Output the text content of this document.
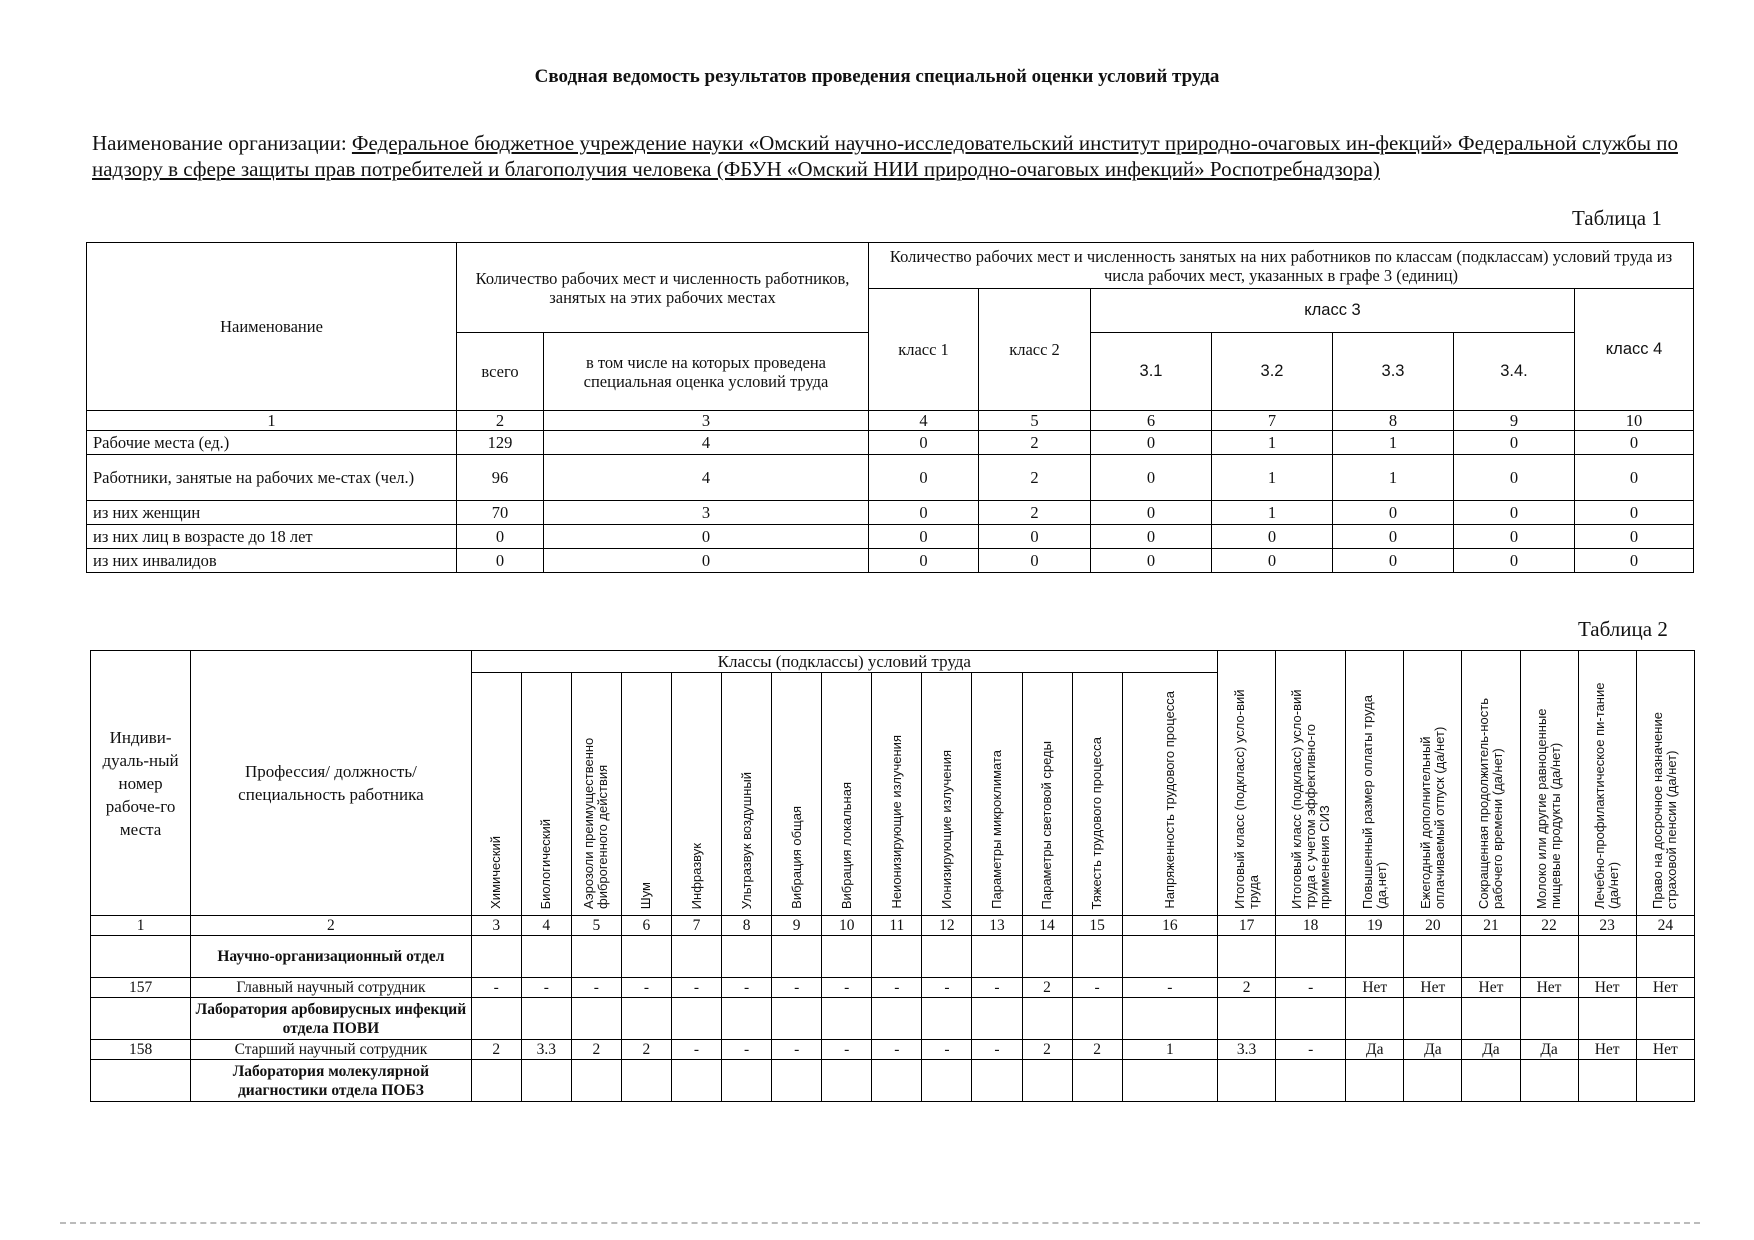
Сводная ведомость результатов проведения специальной оценки условий труда
Наименование организации: Федеральное бюджетное учреждение науки «Омский научно-исследовательский институт природно-очаговых ин-фекций» Федеральной службы по надзору в сфере защиты прав потребителей и благополучия человека (ФБУН «Омский НИИ природно-очаговых инфекций» Роспотребнадзора)
Таблица 1
Наименование	Количество рабочих мест и численность работников, занятых на этих рабочих местах		Количество рабочих мест и численность занятых на них работников по классам (подклассам) условий труда из числа рабочих мест, указанных в графе 3 (единиц)						
			класс 1	класс 2	класс 3				класс 4
	всего	в том числе на которых проведена специальная оценка условий труда			3.1	3.2	3.3	3.4.	
1	2	3	4	5	6	7	8	9	10
Рабочие места (ед.)	129	4	0	2	0	1	1	0	0
Работники, занятые на рабочих ме-стах (чел.)	96	4	0	2	0	1	1	0	0
из них женщин	70	3	0	2	0	1	0	0	0
из них лиц в возрасте до 18 лет	0	0	0	0	0	0	0	0	0
из них инвалидов	0	0	0	0	0	0	0	0	0
Таблица 2
Индиви-дуаль-ный номер рабоче-го места	Профессия/ должность/ специальность работника	Классы (подклассы) условий труда														Итоговый класс (подкласс) усло-вий труда	Итоговый класс (подкласс) усло-вий труда с учетом эффективно-го применения СИЗ	Повышенный размер оплаты труда (да,нет)	Ежегодный дополнительный оплачиваемый отпуск (да/нет)	Сокращенная продолжитель-ность рабочего времени (да/нет)	Молоко или другие равноценные пищевые продукты (да/нет)	Лечебно-профилактическое пи-тание (да/нет)	Право на досрочное назначение страховой пенсии (да/нет)

		Химический	Биологический	Аэрозоли преимущественно фиброгенного действия	Шум	Инфразвук	Ультразвук воздушный	Вибрация общая	Вибрация локальная	Неионизирующие излучения	Ионизирующие излучения	Параметры микроклимата	Параметры световой среды	Тяжесть трудового процесса	Напряженность трудового процесса								

1	2	3	4	5	6	7	8	9	10	11	12	13	14	15	16	17	18	19	20	21	22	23	24
	Научно-организационный отдел																						
157	Главный научный сотрудник	-	-	-	-	-	-	-	-	-	-	-	2	-	-	2	-	Нет	Нет	Нет	Нет	Нет	Нет
	Лаборатория арбовирусных инфекций отдела ПОВИ																						
158	Старший научный сотрудник	2	3.3	2	2	-	-	-	-	-	-	-	2	2	1	3.3	-	Да	Да	Да	Да	Нет	Нет
	Лаборатория молекулярной диагностики отдела ПОБЗ																						
